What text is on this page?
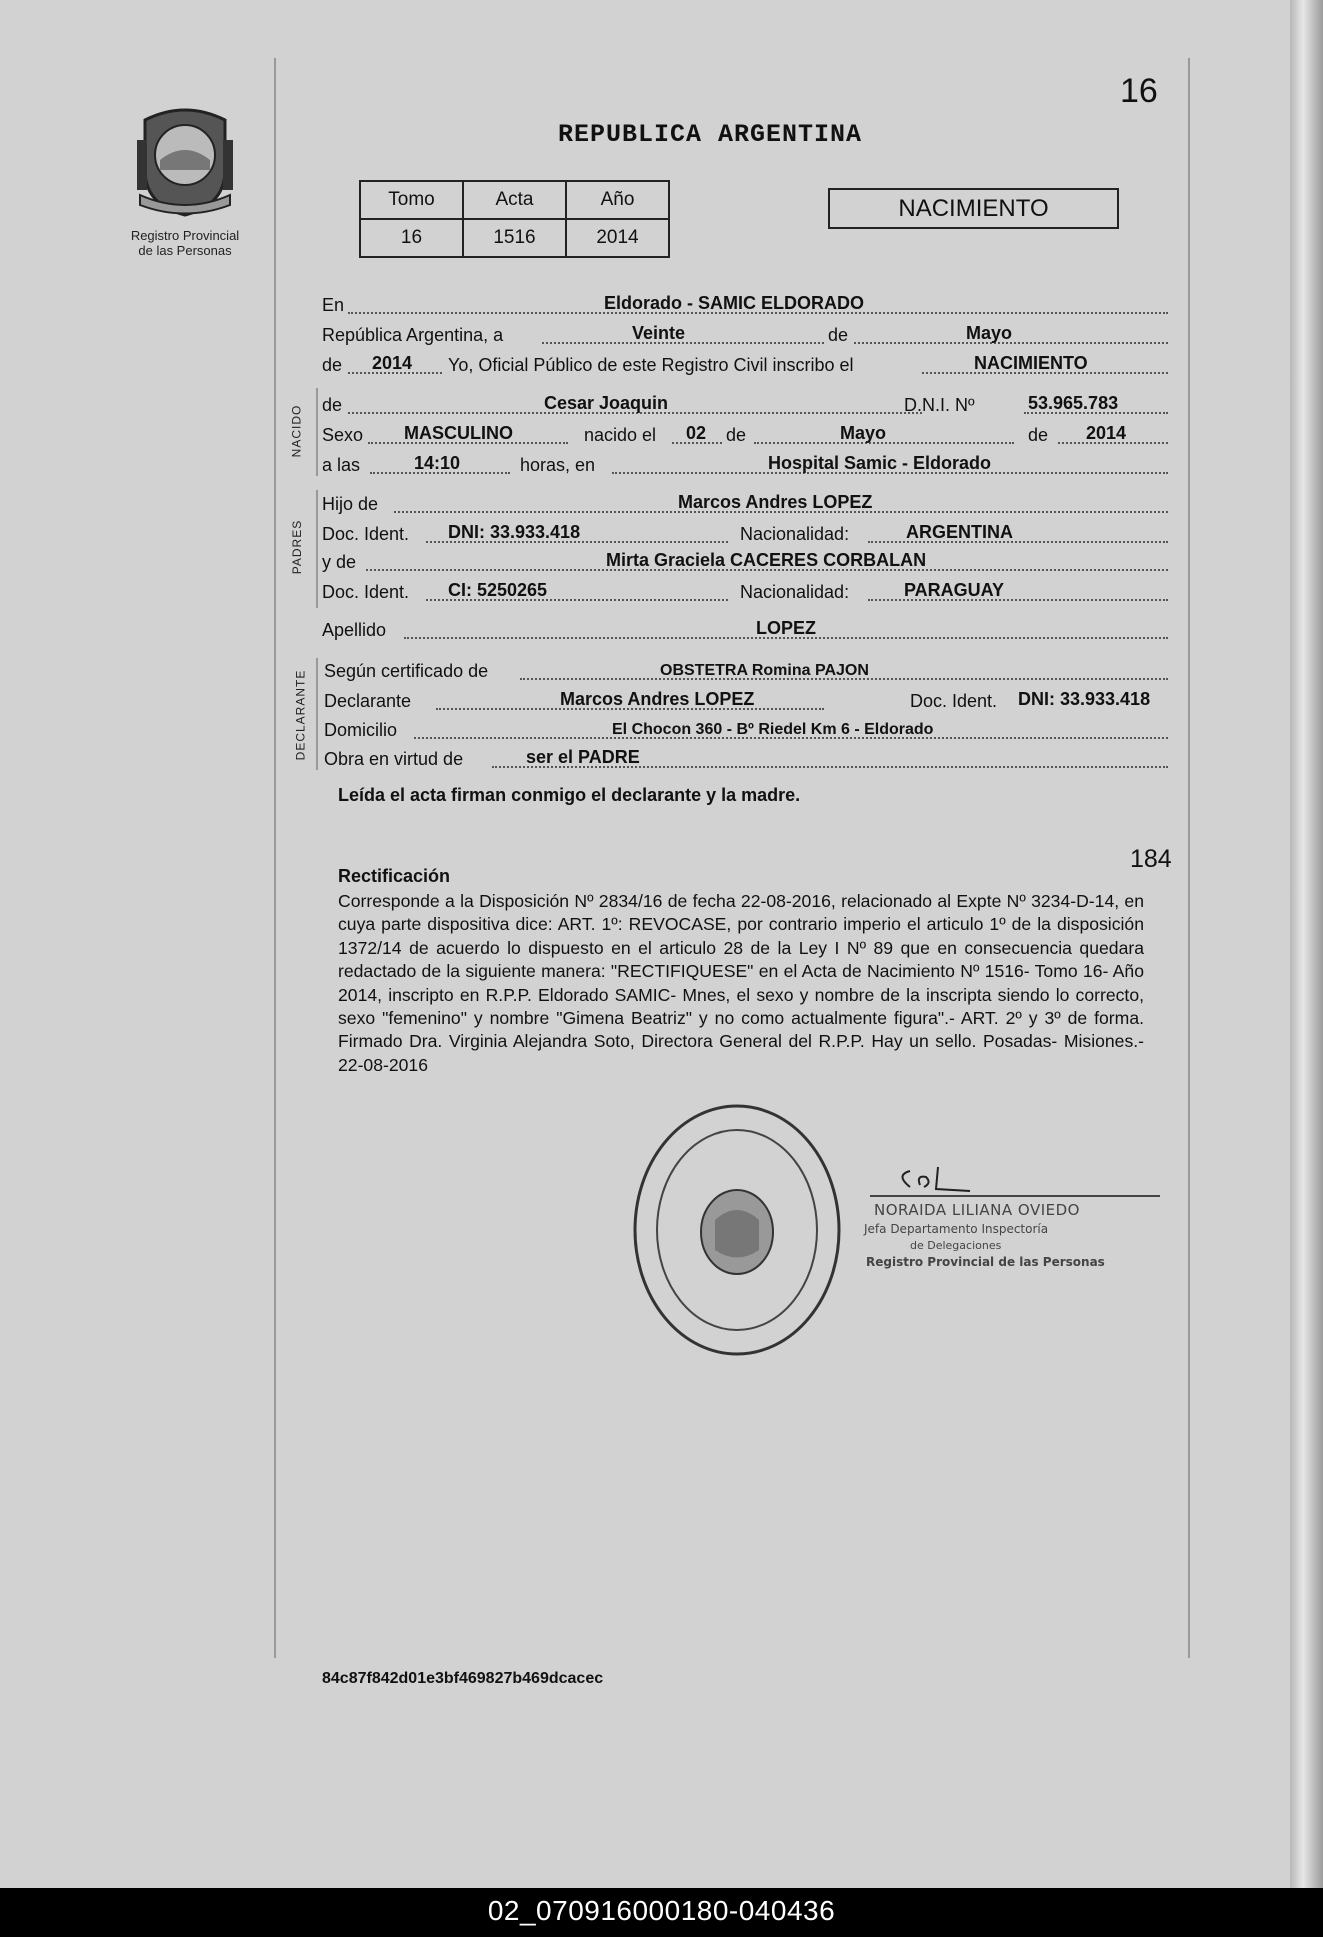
Registro Provincial
de las Personas
16
REPUBLICA ARGENTINA
Tomo	Acta	Año
16	1516	2014
NACIMIENTO
En	Eldorado - SAMIC ELDORADO
República Argentina, a	Veinte	de	Mayo
de 2014 Yo, Oficial Público de este Registro Civil inscribo el	NACIMIENTO
NACIDO de	Cesar Joaquin	D.N.I. Nº	53.965.783
Sexo MASCULINO	nacido el 02 de	Mayo	de 2014
a las	14:10	horas, en	Hospital Samic - Eldorado
PADRES
Hijo de	Marcos Andres LOPEZ
Doc. Ident. DNI: 33.933.418	Nacionalidad:	ARGENTINA
y de	Mirta Graciela CACERES CORBALAN
Doc. Ident. CI: 5250265	Nacionalidad:	PARAGUAY
Apellido	LOPEZ
DECLARANTE Según certificado de	OBSTETRA Romina PAJON
Declarante	Marcos Andres LOPEZ	Doc. Ident. DNI: 33.933.418
Domicilio	El Chocon 360 - Bº Riedel Km 6 - Eldorado
Obra en virtud de	ser el PADRE
Leída el acta firman conmigo el declarante y la madre.
184
Rectificación
Corresponde a la Disposición Nº 2834/16 de fecha 22-08-2016, relacionado al Expte Nº 3234-D-14, en cuya parte dispositiva dice: ART. 1º: REVOCASE, por contrario imperio el articulo 1º de la disposición 1372/14 de acuerdo lo dispuesto en el articulo 28 de la Ley I Nº 89 que en consecuencia quedara redactado de la siguiente manera: "RECTIFIQUESE" en el Acta de Nacimiento Nº 1516- Tomo 16- Año 2014, inscripto en R.P.P. Eldorado SAMIC- Mnes, el sexo y nombre de la inscripta siendo lo correcto, sexo "femenino" y nombre "Gimena Beatriz" y no como actualmente figura".- ART. 2º y 3º de forma. Firmado Dra. Virginia Alejandra Soto, Directora General del R.P.P. Hay un sello. Posadas- Misiones.- 22-08-2016
NORAIDA LILIANA OVIEDO
Jefa Departamento Inspectoría
de Delegaciones
Registro Provincial de las Personas
84c87f842d01e3bf469827b469dcacec
02_070916000180-040436
